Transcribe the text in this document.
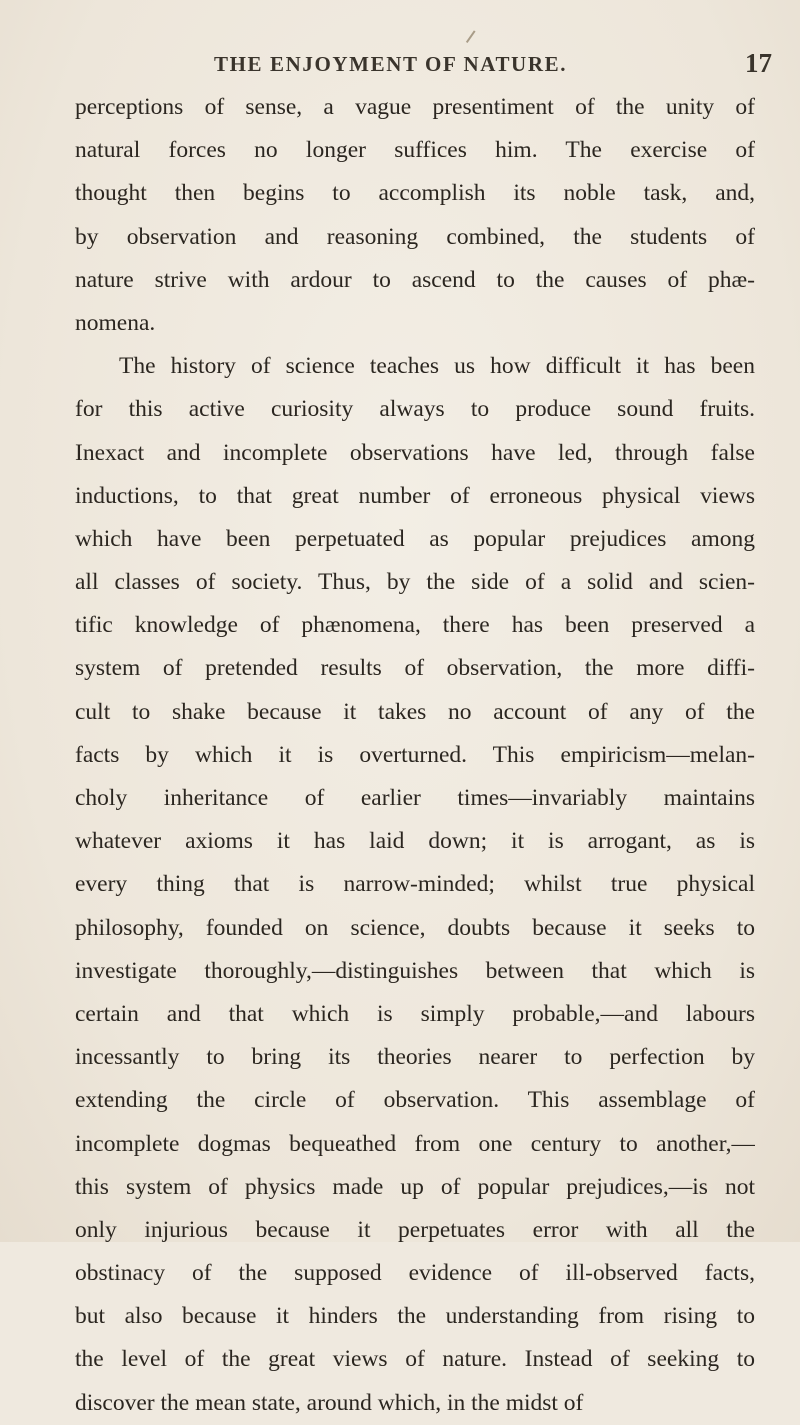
THE ENJOYMENT OF NATURE.	17
perceptions of sense, a vague presentiment of the unity of
natural forces no longer suffices him. The exercise of
thought then begins to accomplish its noble task, and,
by observation and reasoning combined, the students of
nature strive with ardour to ascend to the causes of phæ-
nomena.
The history of science teaches us how difficult it has been
for this active curiosity always to produce sound fruits.
Inexact and incomplete observations have led, through false
inductions, to that great number of erroneous physical views
which have been perpetuated as popular prejudices among
all classes of society. Thus, by the side of a solid and scien-
tific knowledge of phænomena, there has been preserved a
system of pretended results of observation, the more diffi-
cult to shake because it takes no account of any of the
facts by which it is overturned. This empiricism—melan-
choly inheritance of earlier times—invariably maintains
whatever axioms it has laid down; it is arrogant, as is
every thing that is narrow-minded; whilst true physical
philosophy, founded on science, doubts because it seeks to
investigate thoroughly,—distinguishes between that which is
certain and that which is simply probable,—and labours
incessantly to bring its theories nearer to perfection by
extending the circle of observation. This assemblage of
incomplete dogmas bequeathed from one century to another,—
this system of physics made up of popular prejudices,—is not
only injurious because it perpetuates error with all the
obstinacy of the supposed evidence of ill-observed facts,
but also because it hinders the understanding from rising to
the level of the great views of nature. Instead of seeking to
discover the mean state, around which, in the midst of
